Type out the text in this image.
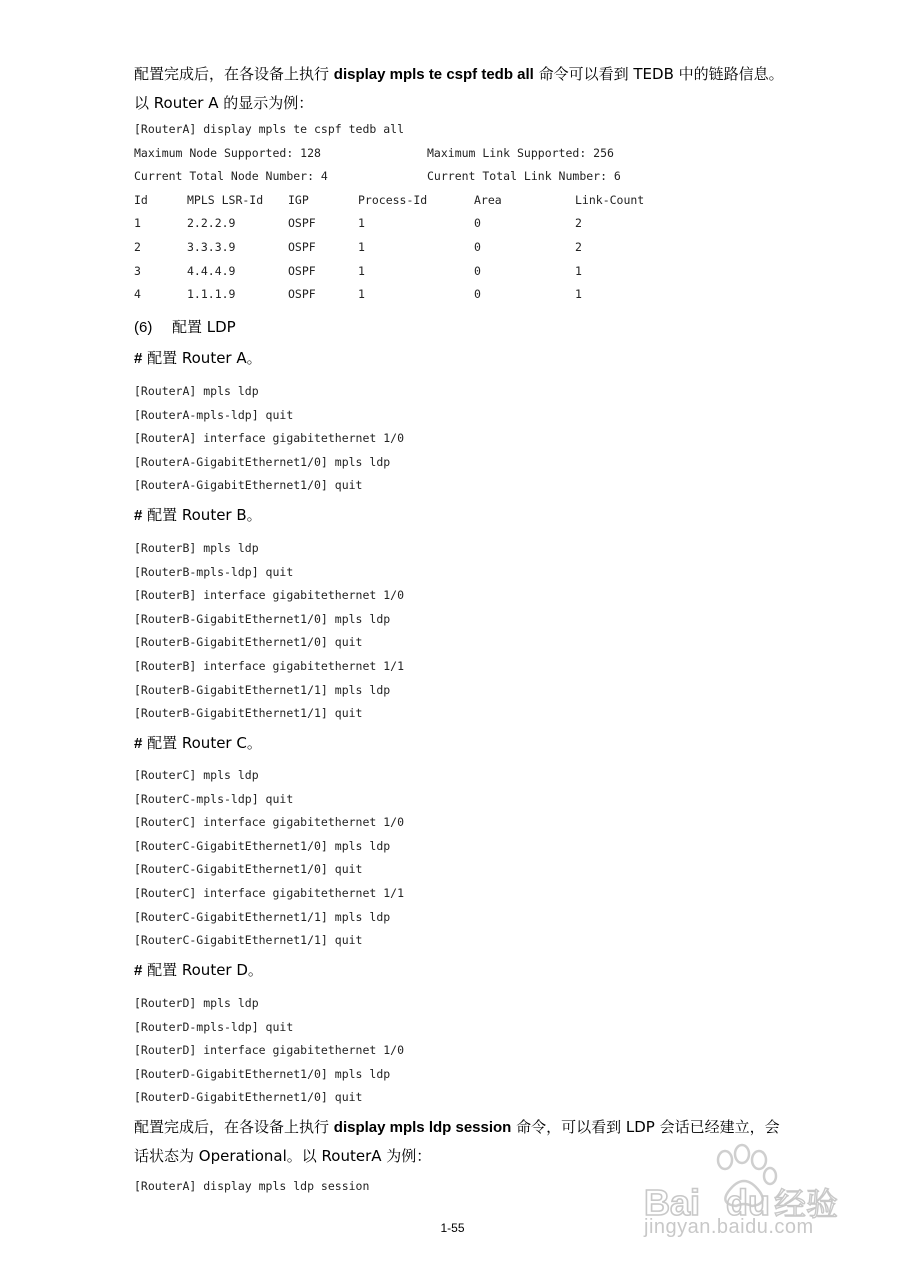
配置完成后，在各设备上执行 display mpls te cspf tedb all 命令可以看到 TEDB 中的链路信息。
以 Router A 的显示为例：
[RouterA] display mpls te cspf tedb all
Maximum Node Supported: 128	Maximum Link Supported: 256
Current Total Node Number: 4	Current Total Link Number: 6
Id	MPLS LSR-Id IGP	Process-Id	Area	Link-Count
1	2.2.2.9	OSPF	1	0	2
2	3.3.3.9	OSPF	1	0	2
3	4.4.4.9	OSPF	1	0	1
4	1.1.1.9	OSPF	1	0	1
(6) 配置 LDP
# 配置 Router A。
[RouterA] mpls ldp
[RouterA-mpls-ldp] quit
[RouterA] interface gigabitethernet 1/0
[RouterA-GigabitEthernet1/0] mpls ldp
[RouterA-GigabitEthernet1/0] quit
# 配置 Router B。
[RouterB] mpls ldp
[RouterB-mpls-ldp] quit
[RouterB] interface gigabitethernet 1/0
[RouterB-GigabitEthernet1/0] mpls ldp
[RouterB-GigabitEthernet1/0] quit
[RouterB] interface gigabitethernet 1/1
[RouterB-GigabitEthernet1/1] mpls ldp
[RouterB-GigabitEthernet1/1] quit
# 配置 Router C。
[RouterC] mpls ldp
[RouterC-mpls-ldp] quit
[RouterC] interface gigabitethernet 1/0
[RouterC-GigabitEthernet1/0] mpls ldp
[RouterC-GigabitEthernet1/0] quit
[RouterC] interface gigabitethernet 1/1
[RouterC-GigabitEthernet1/1] mpls ldp
[RouterC-GigabitEthernet1/1] quit
# 配置 Router D。
[RouterD] mpls ldp
[RouterD-mpls-ldp] quit
[RouterD] interface gigabitethernet 1/0
[RouterD-GigabitEthernet1/0] mpls ldp
[RouterD-GigabitEthernet1/0] quit
配置完成后，在各设备上执行 display mpls ldp session 命令，可以看到 LDP 会话已经建立，会
话状态为 Operational。以 RouterA 为例：
[RouterA] display mpls ldp session	Bai du 经验
jingyan.baidu.com
1-55
